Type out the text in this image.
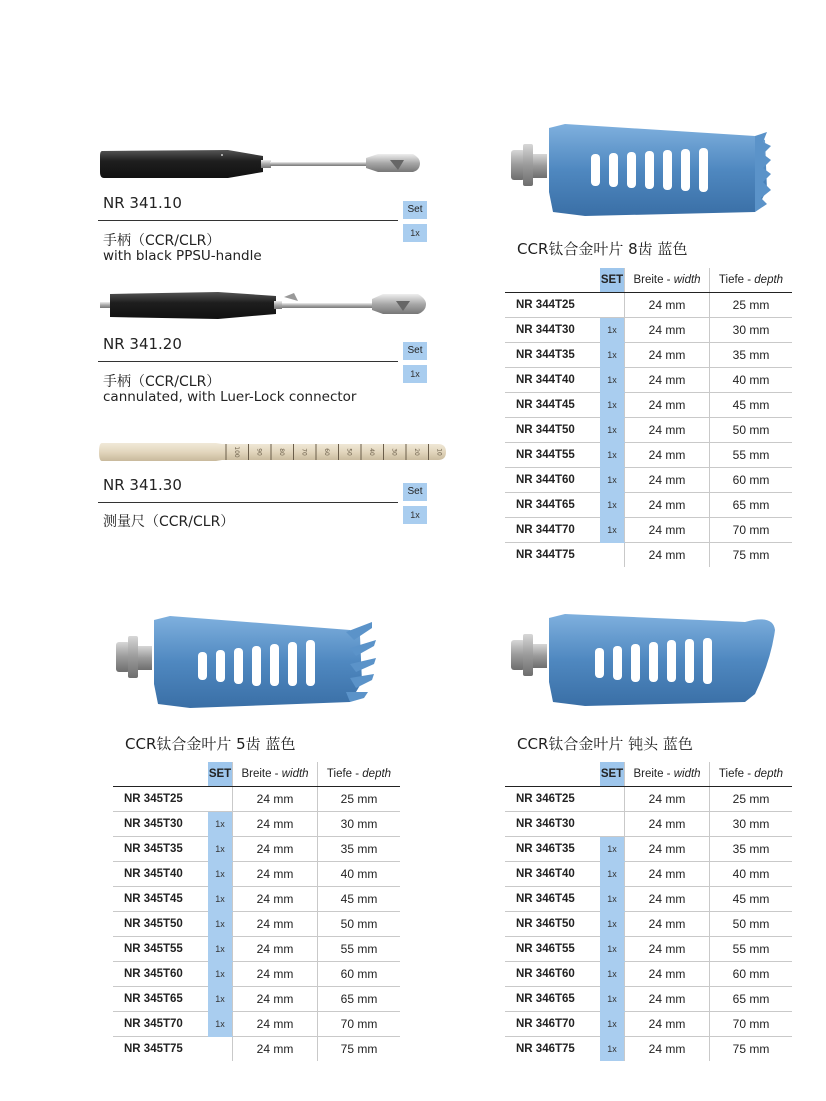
NR 341.10	Set
1x
手柄（CCR/CLR）
with black PPSU-handle
NR 341.20	Set
1x
手柄（CCR/CLR）
cannulated, with Luer-Lock connector
100	90	80	70	60	50	40	30	20	10
NR 341.30	Set
1x
测量尺（CCR/CLR）
CCR钛合金叶片 8齿 蓝色
	SET	Breite - width	Tiefe - depth
NR 344T25		24 mm	25 mm
NR 344T30	1x	24 mm	30 mm
NR 344T35	1x	24 mm	35 mm
NR 344T40	1x	24 mm	40 mm
NR 344T45	1x	24 mm	45 mm
NR 344T50	1x	24 mm	50 mm
NR 344T55	1x	24 mm	55 mm
NR 344T60	1x	24 mm	60 mm
NR 344T65	1x	24 mm	65 mm
NR 344T70	1x	24 mm	70 mm
NR 344T75		24 mm	75 mm
CCR钛合金叶片 5齿 蓝色
	SET	Breite - width	Tiefe - depth
NR 345T25		24 mm	25 mm
NR 345T30	1x	24 mm	30 mm
NR 345T35	1x	24 mm	35 mm
NR 345T40	1x	24 mm	40 mm
NR 345T45	1x	24 mm	45 mm
NR 345T50	1x	24 mm	50 mm
NR 345T55	1x	24 mm	55 mm
NR 345T60	1x	24 mm	60 mm
NR 345T65	1x	24 mm	65 mm
NR 345T70	1x	24 mm	70 mm
NR 345T75		24 mm	75 mm
CCR钛合金叶片 钝头 蓝色
	SET	Breite - width	Tiefe - depth
NR 346T25		24 mm	25 mm
NR 346T30		24 mm	30 mm
NR 346T35	1x	24 mm	35 mm
NR 346T40	1x	24 mm	40 mm
NR 346T45	1x	24 mm	45 mm
NR 346T50	1x	24 mm	50 mm
NR 346T55	1x	24 mm	55 mm
NR 346T60	1x	24 mm	60 mm
NR 346T65	1x	24 mm	65 mm
NR 346T70	1x	24 mm	70 mm
NR 346T75	1x	24 mm	75 mm
